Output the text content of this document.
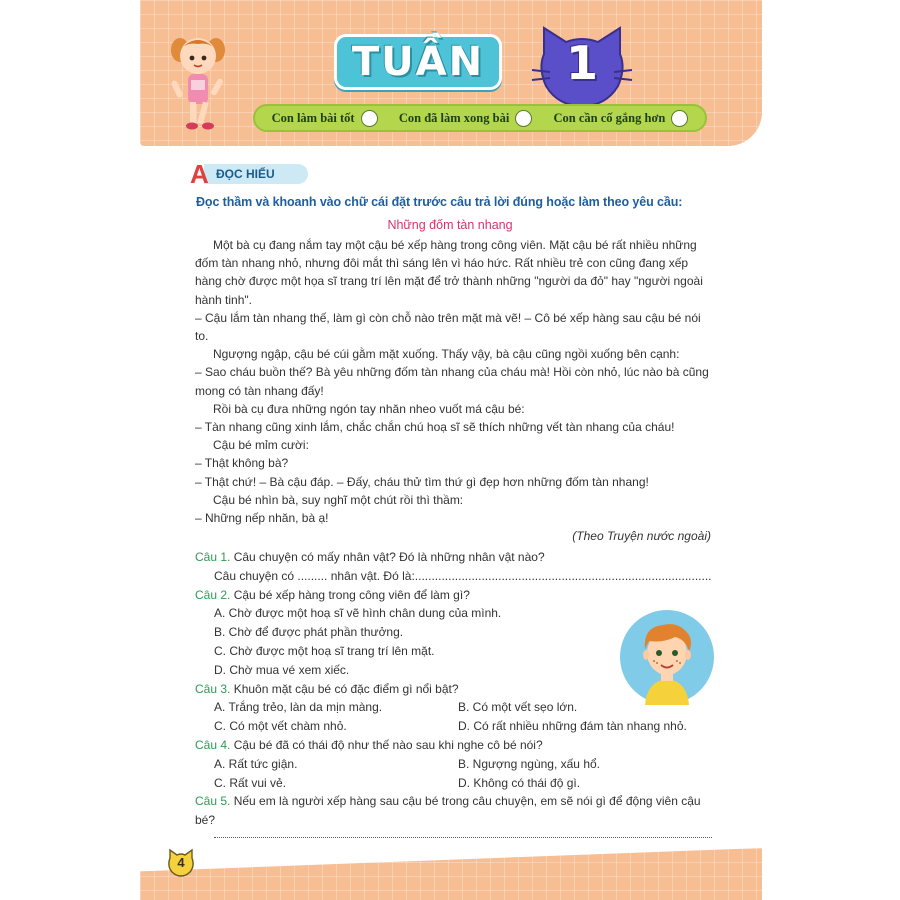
TUẦN	1
Con làm bài tốt	Con đã làm xong bài	Con cần cố gắng hơn
ĐỌC HIỂU
A
Đọc thầm và khoanh vào chữ cái đặt trước câu trả lời đúng hoặc làm theo yêu cầu:
Những đốm tàn nhang

Một bà cụ đang nắm tay một cậu bé xếp hàng trong công viên. Mặt cậu bé rất nhiều những đốm tàn nhang nhỏ, nhưng đôi mắt thì sáng lên vì háo hức. Rất nhiều trẻ con cũng đang xếp hàng chờ được một họa sĩ trang trí lên mặt để trở thành những "người da đỏ" hay "người ngoài hành tinh".

– Cậu lắm tàn nhang thế, làm gì còn chỗ nào trên mặt mà vẽ! – Cô bé xếp hàng sau cậu bé nói to.

Ngượng ngập, cậu bé cúi gằm mặt xuống. Thấy vậy, bà cậu cũng ngồi xuống bên cạnh:

– Sao cháu buồn thế? Bà yêu những đốm tàn nhang của cháu mà! Hồi còn nhỏ, lúc nào bà cũng mong có tàn nhang đấy!

Rồi bà cụ đưa những ngón tay nhăn nheo vuốt má cậu bé:

– Tàn nhang cũng xinh lắm, chắc chắn chú hoạ sĩ sẽ thích những vết tàn nhang của cháu!

Cậu bé mỉm cười:

– Thật không bà?

– Thật chứ! – Bà cậu đáp. – Đấy, cháu thử tìm thứ gì đẹp hơn những đốm tàn nhang!

Cậu bé nhìn bà, suy nghĩ một chút rồi thì thầm:

– Những nếp nhăn, bà ạ!

(Theo Truyện nước ngoài)

Câu 1. Câu chuyện có mấy nhân vật? Đó là những nhân vật nào?
Câu chuyện có ......... nhân vật. Đó là:.........................................................................................
Câu 2. Cậu bé xếp hàng trong công viên để làm gì?
A. Chờ được một hoạ sĩ vẽ hình chân dung của mình.
B. Chờ để được phát phần thưởng.
C. Chờ được một hoạ sĩ trang trí lên mặt.
D. Chờ mua vé xem xiếc.
Câu 3. Khuôn mặt cậu bé có đặc điểm gì nổi bật?
A. Trắng trẻo, làn da mịn màng.	B. Có một vết sẹo lớn.
C. Có một vết chàm nhỏ.	D. Có rất nhiều những đám tàn nhang nhỏ.
Câu 4. Cậu bé đã có thái độ như thế nào sau khi nghe cô bé nói?
A. Rất tức giận.	B. Ngượng ngùng, xấu hổ.
C. Rất vui vẻ.	D. Không có thái độ gì.
Câu 5. Nếu em là người xếp hàng sau cậu bé trong câu chuyện, em sẽ nói gì để động viên cậu bé?
4
